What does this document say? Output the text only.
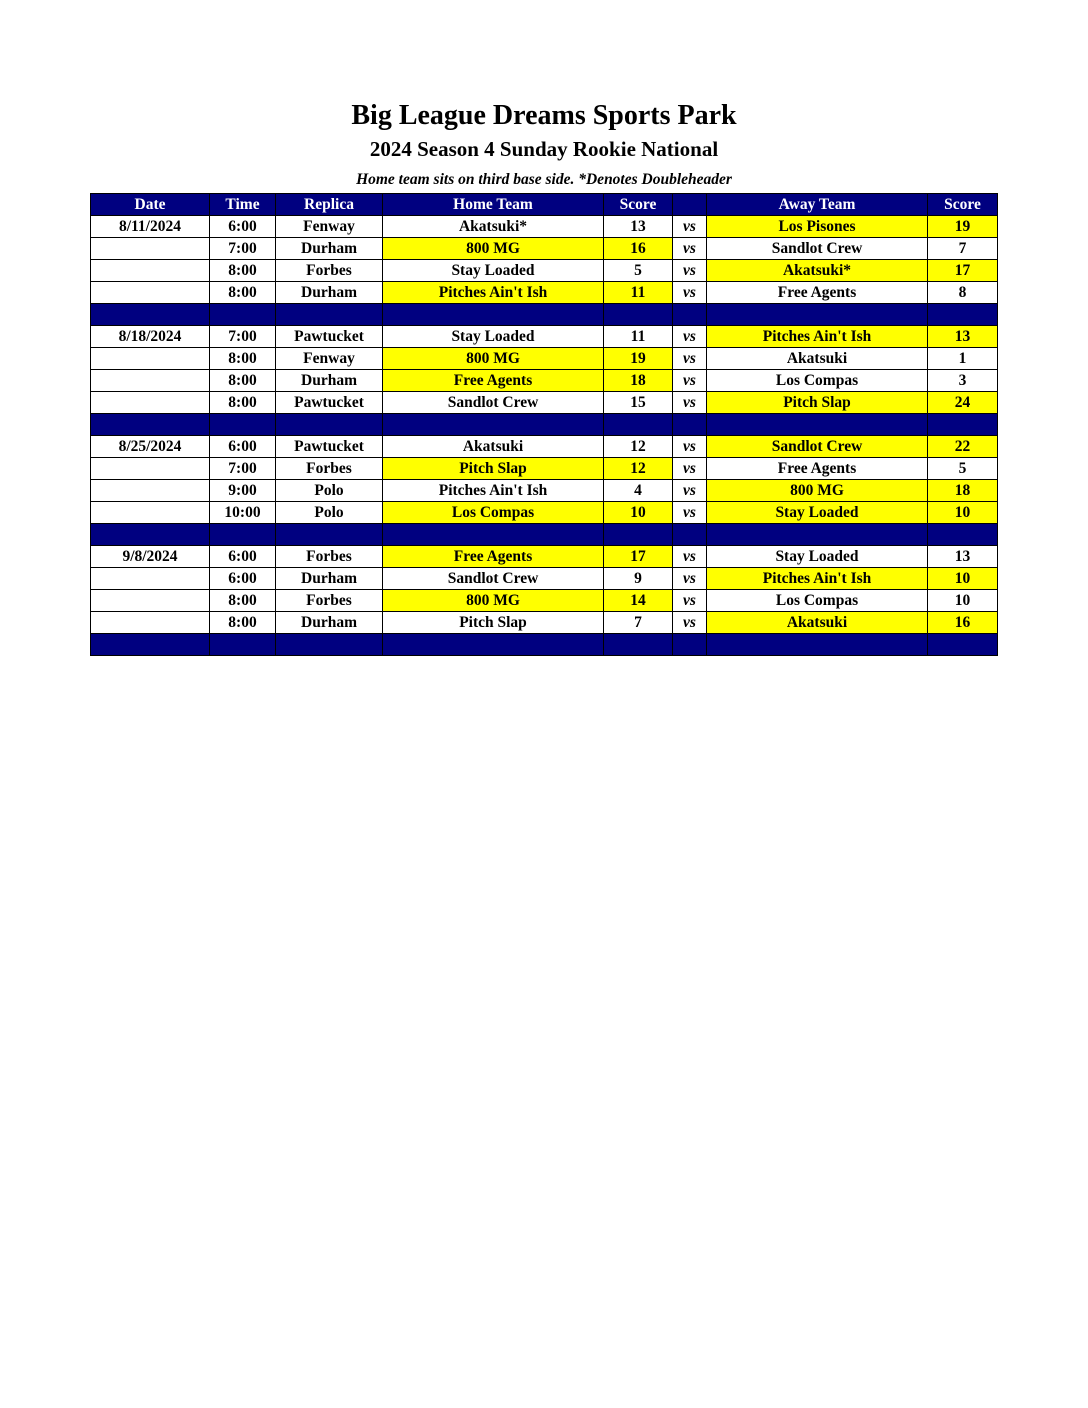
Big League Dreams Sports Park
2024 Season 4 Sunday Rookie National
Home team sits on third base side. *Denotes Doubleheader
Date	Time	Replica	Home Team	Score		Away Team	Score
8/11/2024	6:00	Fenway	Akatsuki*	13	vs	Los Pisones	19
	7:00	Durham	800 MG	16	vs	Sandlot Crew	7
	8:00	Forbes	Stay Loaded	5	vs	Akatsuki*	17
	8:00	Durham	Pitches Ain't Ish	11	vs	Free Agents	8

8/18/2024	7:00	Pawtucket	Stay Loaded	11	vs	Pitches Ain't Ish	13
	8:00	Fenway	800 MG	19	vs	Akatsuki	1
	8:00	Durham	Free Agents	18	vs	Los Compas	3
	8:00	Pawtucket	Sandlot Crew	15	vs	Pitch Slap	24

8/25/2024	6:00	Pawtucket	Akatsuki	12	vs	Sandlot Crew	22
	7:00	Forbes	Pitch Slap	12	vs	Free Agents	5
	9:00	Polo	Pitches Ain't Ish	4	vs	800 MG	18
	10:00	Polo	Los Compas	10	vs	Stay Loaded	10

9/8/2024	6:00	Forbes	Free Agents	17	vs	Stay Loaded	13
	6:00	Durham	Sandlot Crew	9	vs	Pitches Ain't Ish	10
	8:00	Forbes	800 MG	14	vs	Los Compas	10
	8:00	Durham	Pitch Slap	7	vs	Akatsuki	16
